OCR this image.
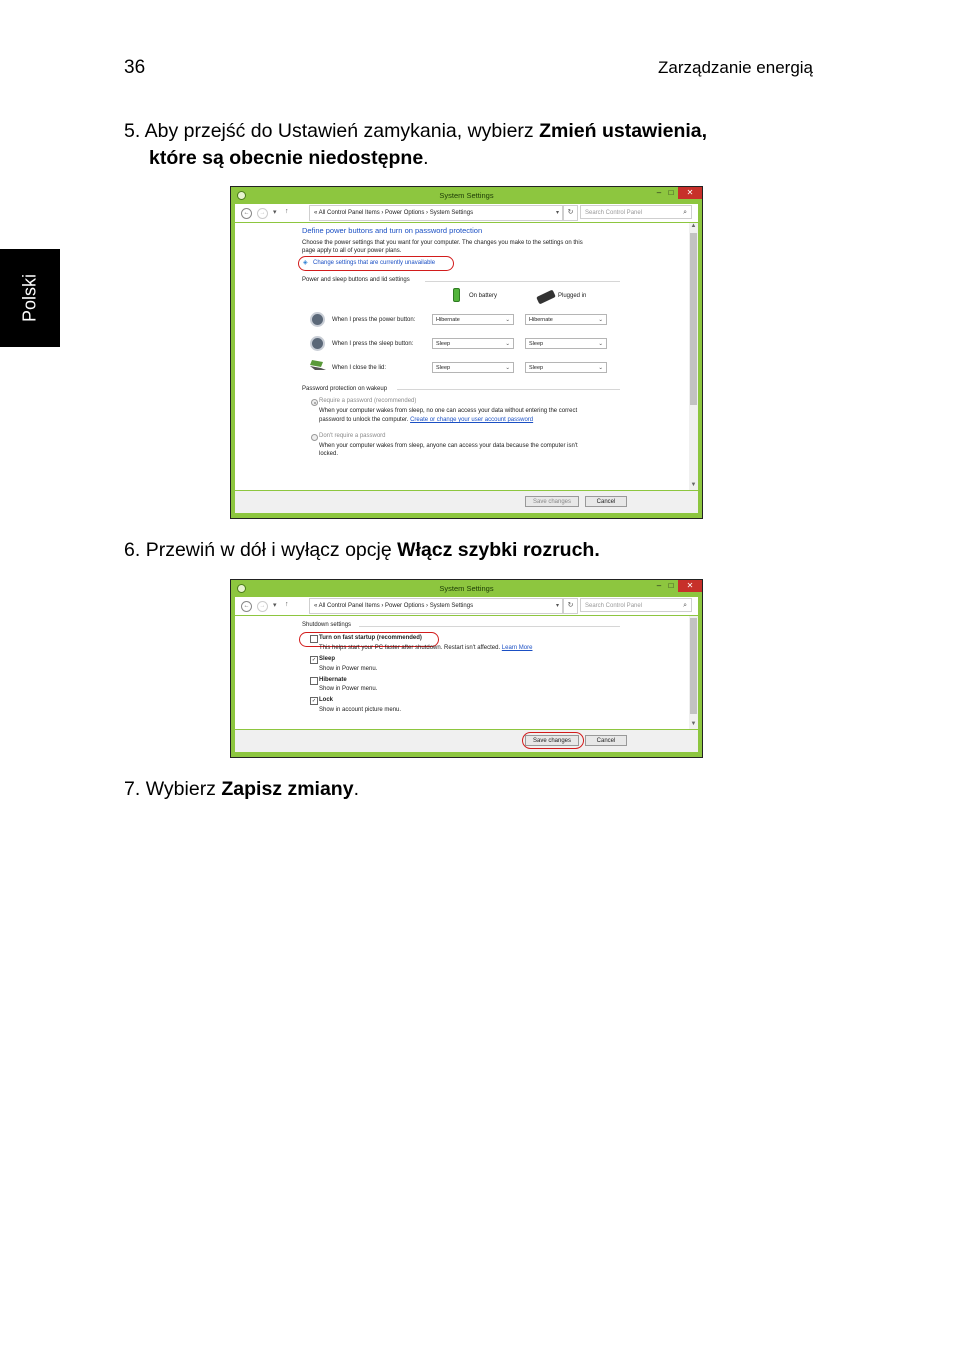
36	Zarządzanie energią
Polski
5. Aby przejść do Ustawień zamykania, wybierz Zmień ustawienia,
które są obecnie niedostępne.
System Settings	– □	✕
←	→	▾ ↑	« All Control Panel Items › Power Options › System Settings	▾	↻	Search Control Panel	⌕
Define power buttons and turn on password protection
Choose the power settings that you want for your computer. The changes you make to the settings on this
page apply to all of your power plans.
◈ Change settings that are currently unavailable
Power and sleep buttons and lid settings
On battery	Plugged in
When I press the power button:	Hibernate	⌄	Hibernate	⌄
When I press the sleep button:	Sleep	⌄	Sleep	⌄
When I close the lid:	Sleep	⌄	Sleep	⌄
Password protection on wakeup
Require a password (recommended)
When your computer wakes from sleep, no one can access your data without entering the correct
password to unlock the computer. Create or change your user account password
Don't require a password
When your computer wakes from sleep, anyone can access your data because the computer isn't
locked.
▲
▼
Save changes	Cancel
6. Przewiń w dół i wyłącz opcję Włącz szybki rozruch.
System Settings	– □	✕
←	→	▾ ↑	« All Control Panel Items › Power Options › System Settings	▾	↻	Search Control Panel	⌕
Shutdown settings
Turn on fast startup (recommended)
This helps start your PC faster after shutdown. Restart isn't affected. Learn More
✓ Sleep
Show in Power menu.
Hibernate
Show in Power menu.
✓ Lock
Show in account picture menu.
▼
Save changes	Cancel
7. Wybierz Zapisz zmiany.
